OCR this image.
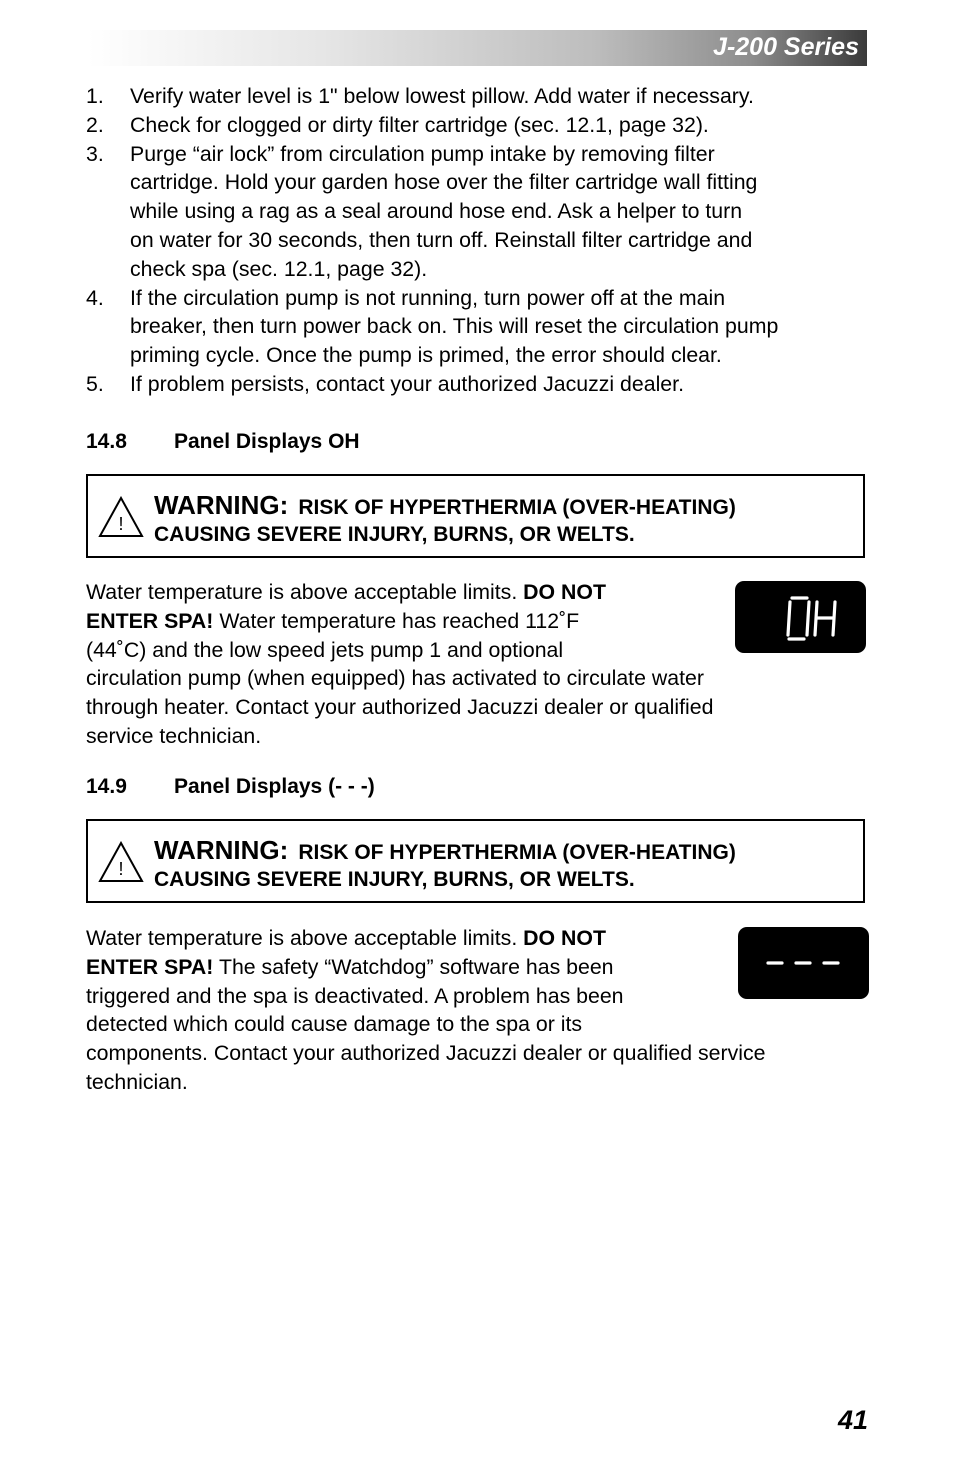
J-200 Series
1. Verify water level is 1" below lowest pillow. Add water if necessary.
2. Check for clogged or dirty filter cartridge (sec. 12.1, page 32).
3. Purge “air lock” from circulation pump intake by removing filter
cartridge. Hold your garden hose over the filter cartridge wall fitting
while using a rag as a seal around hose end. Ask a helper to turn
on water for 30 seconds, then turn off. Reinstall filter cartridge and
check spa (sec. 12.1, page 32).
4. If the circulation pump is not running, turn power off at the main
breaker, then turn power back on. This will reset the circulation pump
priming cycle. Once the pump is primed, the error should clear.
5. If problem persists, contact your authorized Jacuzzi dealer.
14.8 Panel Displays OH
!
WARNING: RISK OF HYPERTHERMIA (OVER-HEATING)
CAUSING SEVERE INJURY, BURNS, OR WELTS.
Water temperature is above acceptable limits. DO NOT
ENTER SPA! Water temperature has reached 112˚F
(44˚C) and the low speed jets pump 1 and optional
circulation pump (when equipped) has activated to circulate water
through heater. Contact your authorized Jacuzzi dealer or qualified
service technician.
14.9 Panel Displays (- - -)
!
WARNING: RISK OF HYPERTHERMIA (OVER-HEATING)
CAUSING SEVERE INJURY, BURNS, OR WELTS.
Water temperature is above acceptable limits. DO NOT
ENTER SPA! The safety “Watchdog” software has been
triggered and the spa is deactivated. A problem has been
detected which could cause damage to the spa or its
components. Contact your authorized Jacuzzi dealer or qualified service
technician.
41
